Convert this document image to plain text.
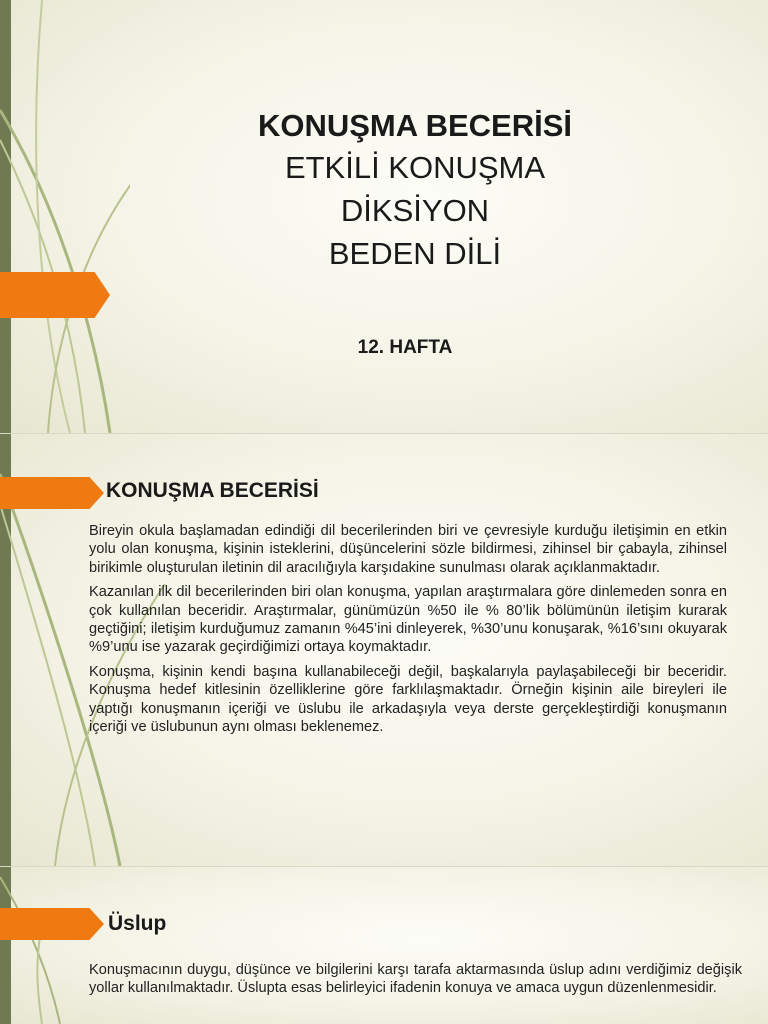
KONUŞMA BECERİSİ
ETKİLİ KONUŞMA
DİKSİYON
BEDEN DİLİ
12. HAFTA
KONUŞMA BECERİSİ

Bireyin okula başlamadan edindiği dil becerilerinden biri ve çevresiyle kurduğu iletişimin en etkin yolu olan konuşma, kişinin isteklerini, düşüncelerini sözle bildirmesi, zihinsel bir çabayla, zihinsel birikimle oluşturulan iletinin dil aracılığıyla karşıdakine sunulması olarak açıklanmaktadır.

Kazanılan ilk dil becerilerinden biri olan konuşma, yapılan araştırmalara göre dinlemeden sonra en çok kullanılan beceridir. Araştırmalar, günümüzün %50 ile % 80’lik bölümünün iletişim kurarak geçtiğini; iletişim kurduğumuz zamanın %45’ini dinleyerek, %30’unu konuşarak, %16’sını okuyarak %9’unu ise yazarak geçirdiğimizi ortaya koymaktadır.

Konuşma, kişinin kendi başına kullanabileceği değil, başkalarıyla paylaşabileceği bir beceridir. Konuşma hedef kitlesinin özelliklerine göre farklılaşmaktadır. Örneğin kişinin aile bireyleri ile yaptığı konuşmanın içeriği ve üslubu ile arkadaşıyla veya derste gerçekleştirdiği konuşmanın içeriği ve üslubunun aynı olması beklenemez.

Üslup

Konuşmacının duygu, düşünce ve bilgilerini karşı tarafa aktarmasında üslup adını verdiğimiz değişik yollar kullanılmaktadır. Üslupta esas belirleyici ifadenin konuya ve amaca uygun düzenlenmesidir.
